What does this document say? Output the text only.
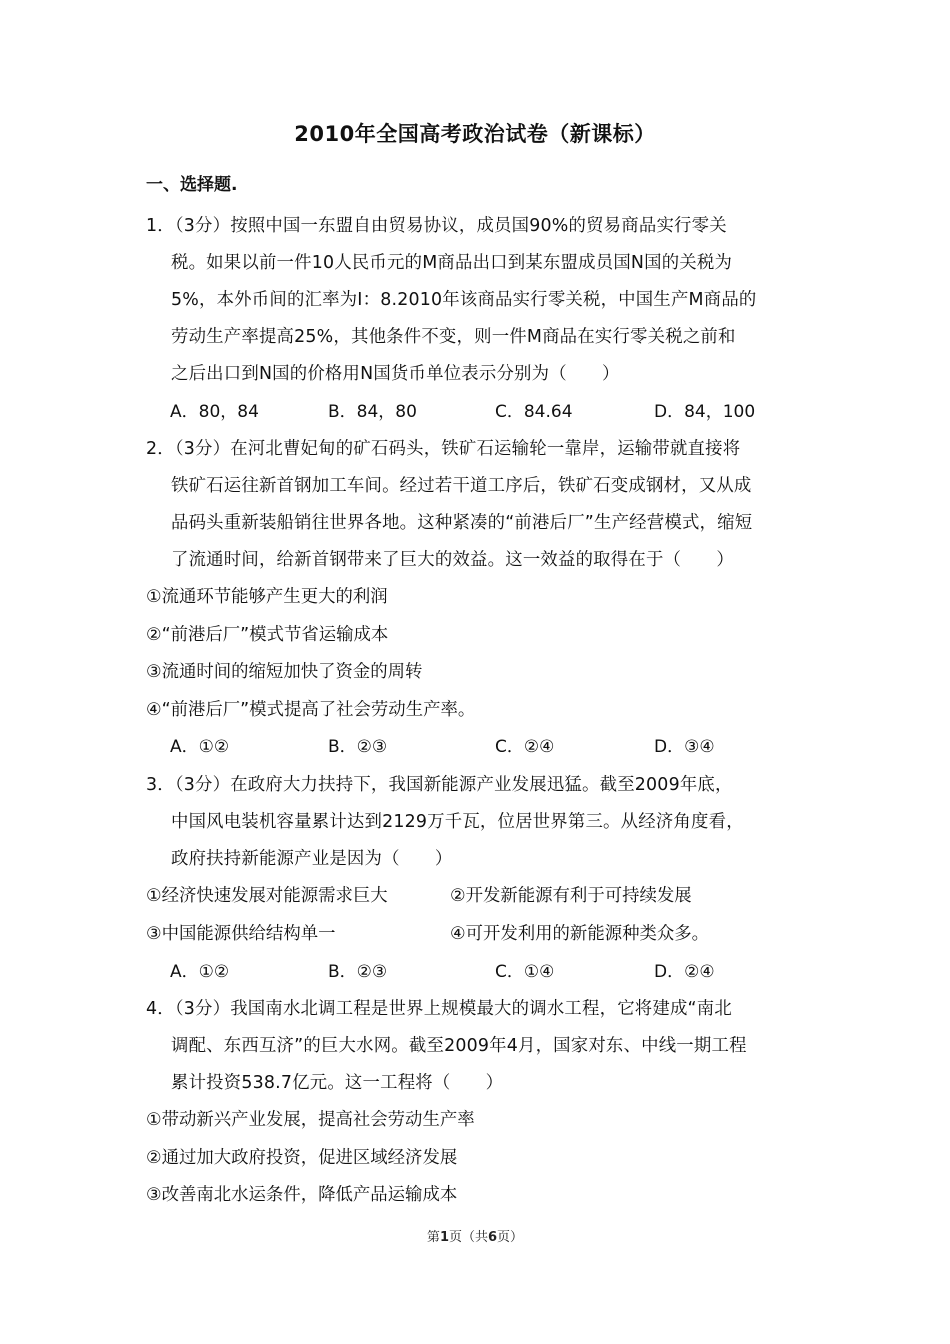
2010年全国高考政治试卷（新课标）
一、选择题.
1．（3分）按照中国一东盟自由贸易协议，成员国90%的贸易商品实行零关
税。如果以前一件10人民币元的M商品出口到某东盟成员国N国的关税为
5%，本外币间的汇率为I：8.2010年该商品实行零关税，中国生产M商品的
劳动生产率提高25%，其他条件不变，则一件M商品在实行零关税之前和
之后出口到N国的价格用N国货币单位表示分别为（　　）
A．80，84	B．84，80	C．84.64	D．84，100
2．（3分）在河北曹妃甸的矿石码头，铁矿石运输轮一靠岸，运输带就直接将
铁矿石运往新首钢加工车间。经过若干道工序后，铁矿石变成钢材，又从成
品码头重新装船销往世界各地。这种紧凑的“前港后厂”生产经营模式，缩短
了流通时间，给新首钢带来了巨大的效益。这一效益的取得在于（　　）
①流通环节能够产生更大的利润
②“前港后厂”模式节省运输成本
③流通时间的缩短加快了资金的周转
④“前港后厂”模式提高了社会劳动生产率。
A．①②	B．②③	C．②④	D．③④
3．（3分）在政府大力扶持下，我国新能源产业发展迅猛。截至2009年底，
中国风电装机容量累计达到2129万千瓦，位居世界第三。从经济角度看，
政府扶持新能源产业是因为（　　）
①经济快速发展对能源需求巨大	②开发新能源有利于可持续发展
③中国能源供给结构单一	④可开发利用的新能源种类众多。
A．①②	B．②③	C．①④	D．②④
4．（3分）我国南水北调工程是世界上规模最大的调水工程，它将建成“南北
调配、东西互济”的巨大水网。截至2009年4月，国家对东、中线一期工程
累计投资538.7亿元。这一工程将（　　）
①带动新兴产业发展，提高社会劳动生产率
②通过加大政府投资，促进区域经济发展
③改善南北水运条件，降低产品运输成本
第1页（共6页）
